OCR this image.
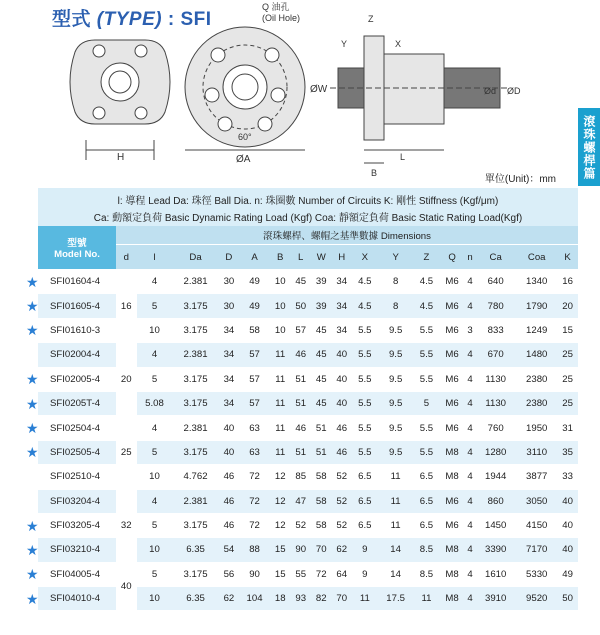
型式 (TYPE) : SFI
H
Q 油孔
(Oil Hole)
ØA
60°
ØW
Z
Y	X
L
B
Ød ØD
滾珠螺桿篇
單位(Unit)：mm
l: 導程 Lead Da: 珠徑 Ball Dia. n: 珠圈數 Number of Circuits K: 剛性 Stiffness (Kgf/μm)
Ca: 動額定負荷 Basic Dynamic Rating Load (Kgf) Coa: 靜額定負荷 Basic Static Rating Load(Kgf)
型號
Model No.	滾珠螺桿、螺帽之基準數據 Dimensions																
	d	l	Da	D	A	B	L	W	H	X	Y	Z	Q	n	Ca	Coa	K
SFI01604-4	16	4	2.381	30	49	10	45	39	34	4.5	8	4.5	M6	4	640	1340	16
SFI01605-4		5	3.175	30	49	10	50	39	34	4.5	8	4.5	M6	4	780	1790	20
SFI01610-3		10	3.175	34	58	10	57	45	34	5.5	9.5	5.5	M6	3	833	1249	15
SFI02004-4	20	4	2.381	34	57	11	46	45	40	5.5	9.5	5.5	M6	4	670	1480	25
SFI02005-4		5	3.175	34	57	11	51	45	40	5.5	9.5	5.5	M6	4	1130	2380	25
SFI0205T-4		5.08	3.175	34	57	11	51	45	40	5.5	9.5	5	M6	4	1130	2380	25
SFI02504-4	25	4	2.381	40	63	11	46	51	46	5.5	9.5	5.5	M6	4	760	1950	31
SFI02505-4		5	3.175	40	63	11	51	51	46	5.5	9.5	5.5	M8	4	1280	3110	35
SFI02510-4		10	4.762	46	72	12	85	58	52	6.5	11	6.5	M8	4	1944	3877	33
SFI03204-4	32	4	2.381	46	72	12	47	58	52	6.5	11	6.5	M6	4	860	3050	40
SFI03205-4		5	3.175	46	72	12	52	58	52	6.5	11	6.5	M6	4	1450	4150	40
SFI03210-4		10	6.35	54	88	15	90	70	62	9	14	8.5	M8	4	3390	7170	40
SFI04005-4	40	5	3.175	56	90	15	55	72	64	9	14	8.5	M8	4	1610	5330	49
SFI04010-4		10	6.35	62	104	18	93	82	70	11	17.5	11	M8	4	3910	9520	50
★
★
★
★
★
★
★
★
★
★
★
